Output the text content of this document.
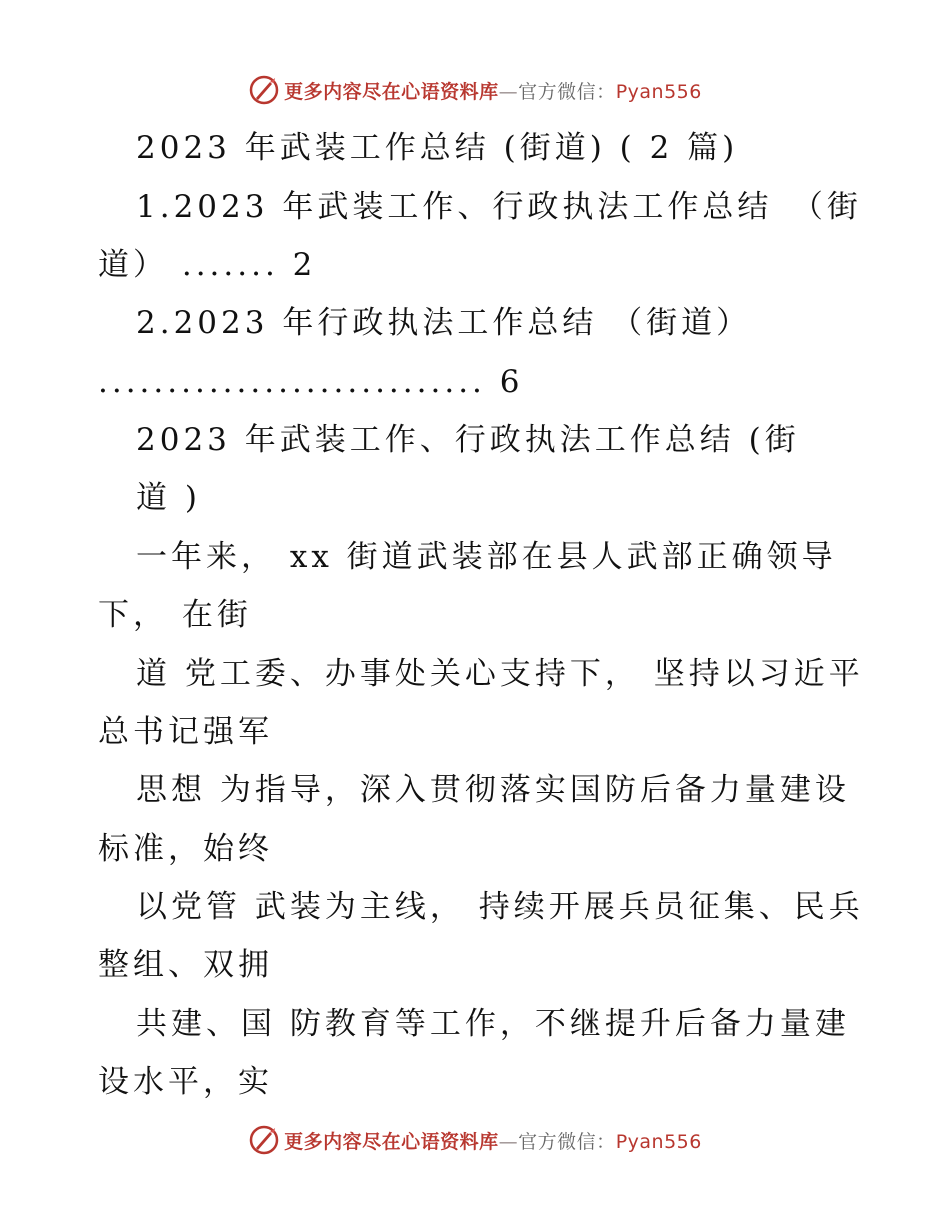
更多内容尽在心语资料库—官方微信：Pyan556
2023 年武装工作总结 (街道) ( 2 篇)
1.2023 年武装工作、行政执法工作总结　（街
道） ....... 2
2.2023 年行政执法工作总结 （街道）
............................ 6
2023 年武装工作、行政执法工作总结 (街
道 )
一年来， xx 街道武装部在县人武部正确领导
下， 在街
道 党工委、办事处关心支持下， 坚持以习近平
总书记强军
思想 为指导，深入贯彻落实国防后备力量建设
标准，始终
以党管 武装为主线， 持续开展兵员征集、民兵
整组、双拥
共建、国 防教育等工作，不继提升后备力量建
设水平，实
更多内容尽在心语资料库—官方微信：Pyan556
